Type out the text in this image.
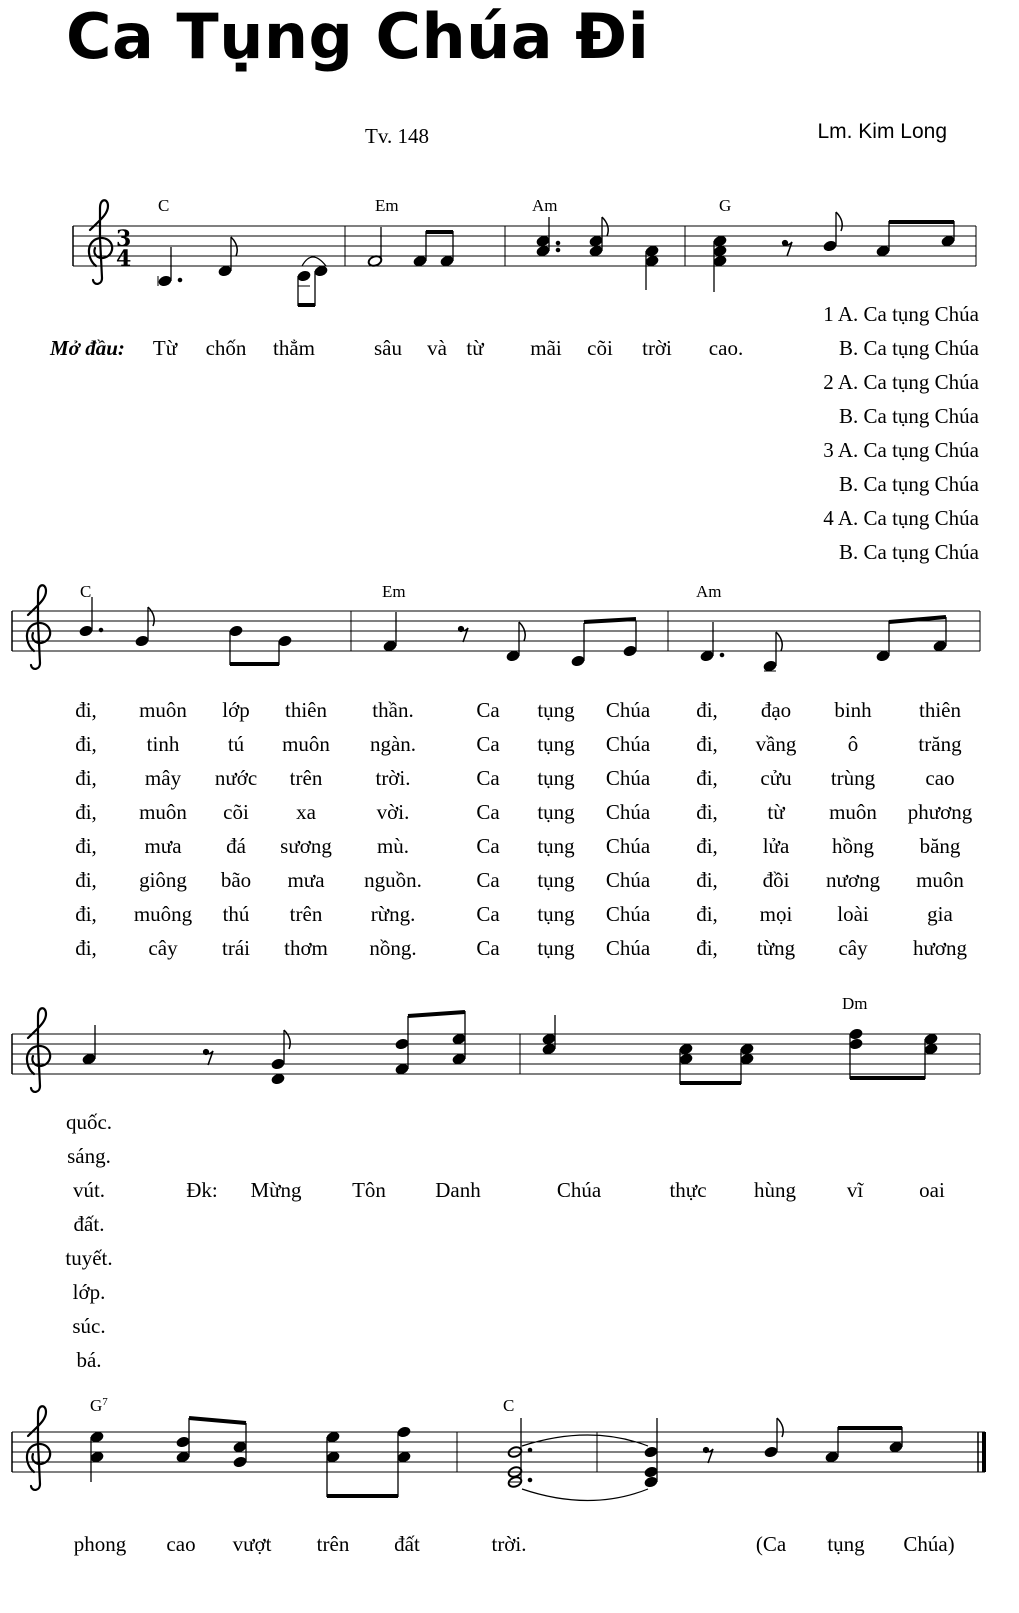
Ca Tụng Chúa Đi
Tv. 148	Lm. Kim Long
C	Em	Am	G
3
4
1 A. Ca tụng Chúa
Mở đầu: Từ chốn thẳm	sâu và từ mãi cõi trời cao.	B. Ca tụng Chúa
2 A. Ca tụng Chúa
B. Ca tụng Chúa
3 A. Ca tụng Chúa
B. Ca tụng Chúa
4 A. Ca tụng Chúa
B. Ca tụng Chúa
C	Em	Am
đi, muôn lớp thiên thần.	Ca tụng Chúa đi, đạo binh thiên
đi, tinh tú muôn ngàn.	Ca tụng Chúa đi, vầng ô	trăng
đi, mây nước trên	trời.	Ca tụng Chúa đi, cửu trùng cao
đi, muôn cõi xa	vời.	Ca tụng Chúa đi, từ muôn phương
đi, mưa đá sương mù.	Ca tụng Chúa đi, lửa hồng băng
đi, giông bão mưa nguồn.	Ca tụng Chúa đi, đồi nương muôn
đi, muông thú trên rừng.	Ca tụng Chúa đi, mọi loài	gia
đi, cây trái thơm nồng.	Ca tụng Chúa đi, từng cây hương
Dm
quốc.
sáng.
vút.
đất.
tuyết.
lớp.
súc.
bá.
Đk: Mừng Tôn Danh	Chúa	thực hùng vĩ	oai
$G^7$	C
phong cao vượt trên đất	trời.	(Ca tụng Chúa)
